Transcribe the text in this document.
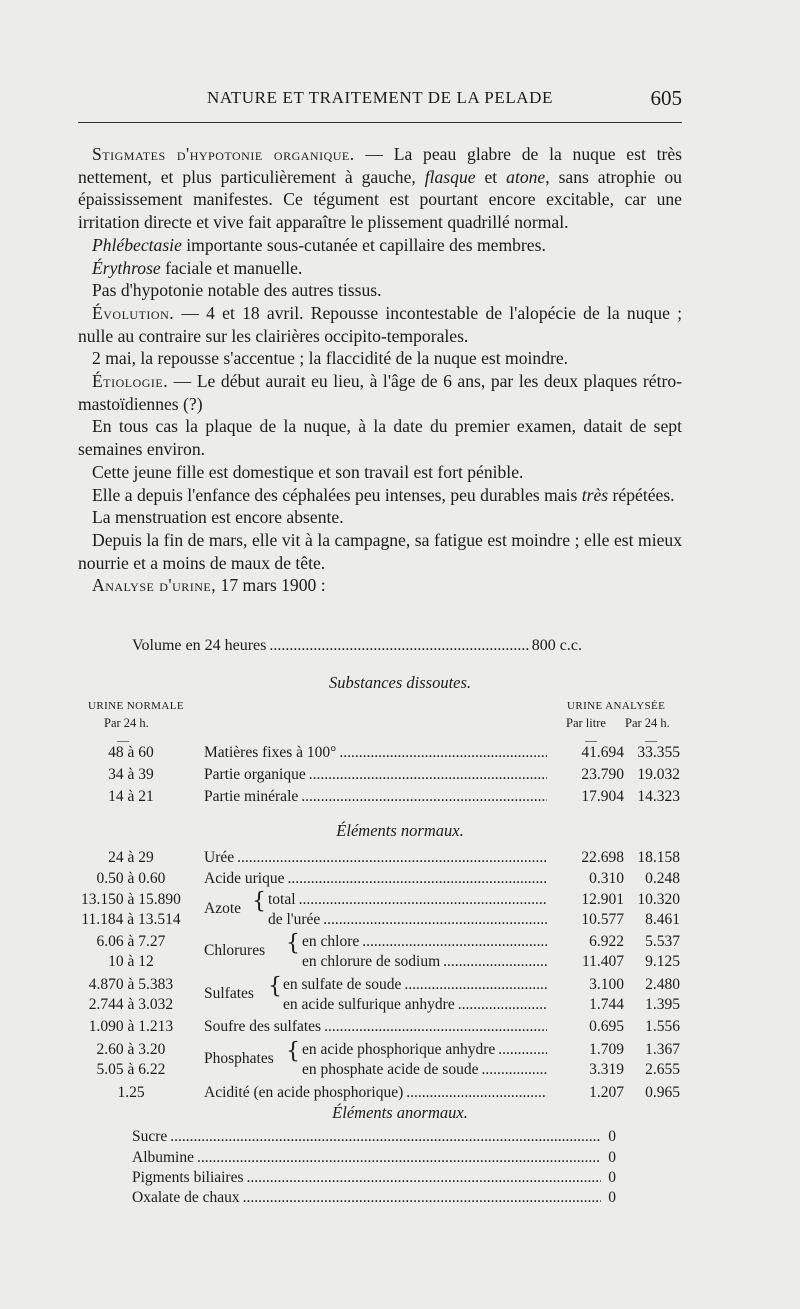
NATURE ET TRAITEMENT DE LA PELADE	605

Stigmates d'hypotonie organique. — La peau glabre de la nuque est très nettement, et plus particulièrement à gauche, flasque et atone, sans atrophie ou épaississement manifestes. Ce tégument est pourtant encore excitable, car une irritation directe et vive fait apparaître le plissement quadrillé normal.

Phlébectasie importante sous-cutanée et capillaire des membres.

Érythrose faciale et manuelle.

Pas d'hypotonie notable des autres tissus.

Évolution. — 4 et 18 avril. Repousse incontestable de l'alopécie de la nuque ; nulle au contraire sur les clairières occipito-temporales.

2 mai, la repousse s'accentue ; la flaccidité de la nuque est moindre.

Étiologie. — Le début aurait eu lieu, à l'âge de 6 ans, par les deux plaques rétro-mastoïdiennes (?)

En tous cas la plaque de la nuque, à la date du premier examen, datait de sept semaines environ.

Cette jeune fille est domestique et son travail est fort pénible.

Elle a depuis l'enfance des céphalées peu intenses, peu durables mais très répétées.

La menstruation est encore absente.

Depuis la fin de mars, elle vit à la campagne, sa fatigue est moindre ; elle est mieux nourrie et a moins de maux de tête.

Analyse d'urine, 17 mars 1900 :

Volume en 24 heures .....	800 c.c.
Substances dissoutes.
URINE NORMALE
Par 24 h.
—
URINE ANALYSÉE
Par litre Par 24 h.
—	—
48 à 60	Matières fixes à 100° .....	41.694 33.355
34 à 39	Partie organique .....	23.790 19.032
14 à 21	Partie minérale .....	17.904 14.323
Éléments normaux.
24 à 29	Urée .....	22.698 18.158
0.50 à 0.60	Acide urique .....	0.310	0.248
Azote {
13.150 à 15.890	total .....	12.901 10.320
11.184 à 13.514	de l'urée .....	10.577	8.461
Chlorures {
6.06 à 7.27	en chlore .....	6.922	5.537
10 à 12	en chlorure de sodium .....	11.407	9.125
Sulfates {
4.870 à 5.383	en sulfate de soude .....	3.100	2.480
2.744 à 3.032	en acide sulfurique anhydre .....	1.744	1.395
1.090 à 1.213	Soufre des sulfates .....	0.695	1.556
Phosphates {
2.60 à 3.20	en acide phosphorique anhydre .....	1.709	1.367
5.05 à 6.22	en phosphate acide de soude .....	3.319	2.655
1.25	Acidité (en acide phosphorique) .....	1.207	0.965
Éléments anormaux.
Sucre .....	0
Albumine .....	0
Pigments biliaires .....	0
Oxalate de chaux .....	0
